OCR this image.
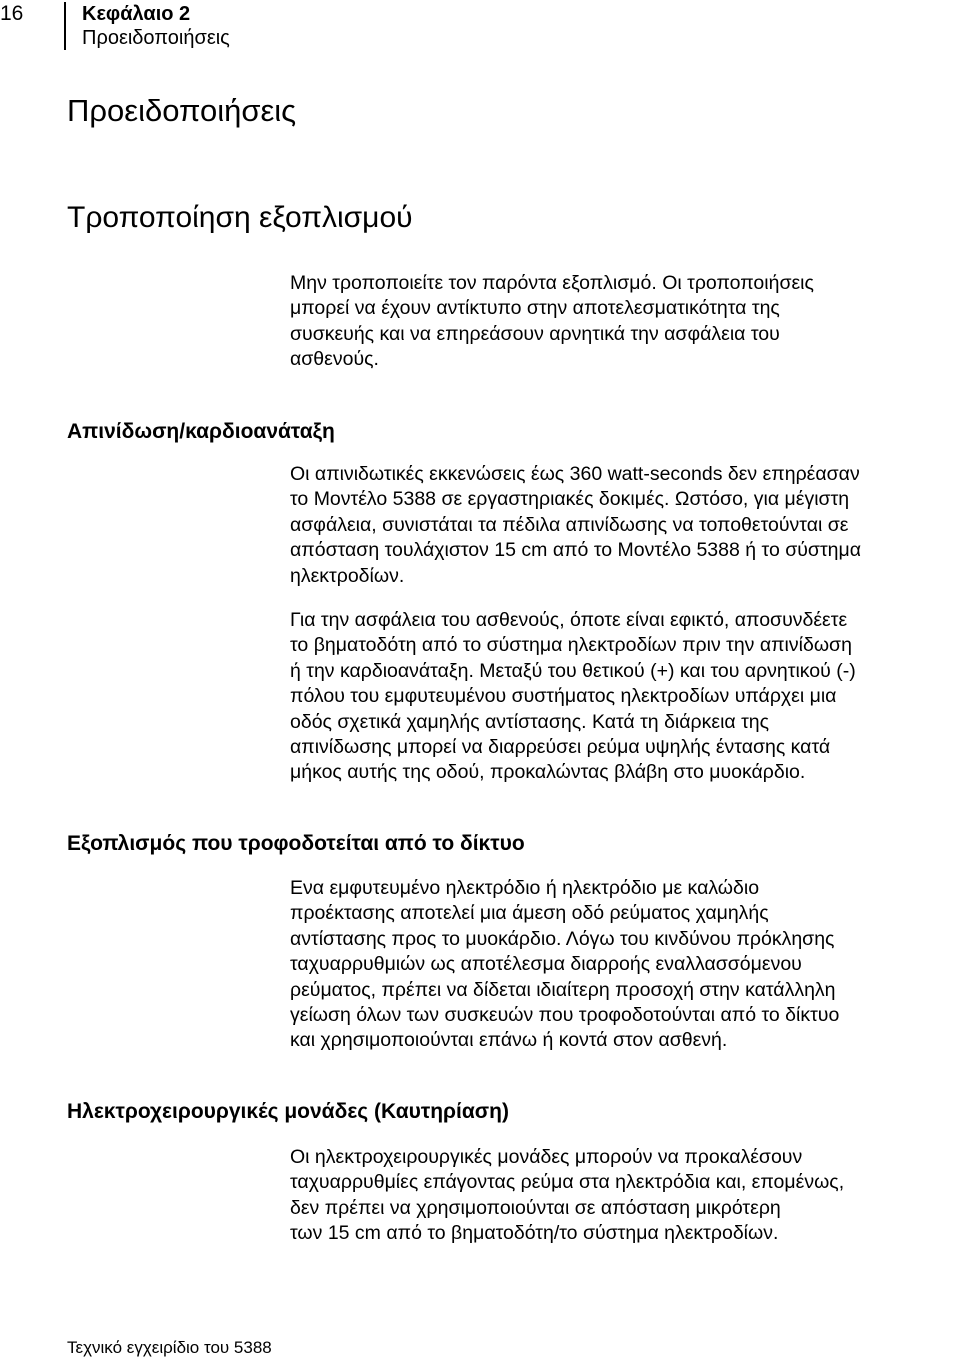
16	Κεφάλαιο 2
Προειδοποιήσεις
Προειδοποιήσεις
Τροποποίηση εξοπλισμού

Μην τροποποιείτε τον παρόντα εξοπλισμό. Οι τροποποιήσεις
μπορεί να έχουν αντίκτυπο στην αποτελεσματικότητα της
συσκευής και να επηρεάσουν αρνητικά την ασφάλεια του
ασθενούς.

Απινίδωση/καρδιοανάταξη

Οι απινιδωτικές εκκενώσεις έως 360 watt-seconds δεν επηρέασαν
το Μοντέλο 5388 σε εργαστηριακές δοκιμές. Ωστόσο, για μέγιστη
ασφάλεια, συνιστάται τα πέδιλα απινίδωσης να τοποθετούνται σε
απόσταση τουλάχιστον 15 cm από το Μοντέλο 5388 ή το σύστημα
ηλεκτροδίων.

Για την ασφάλεια του ασθενούς, όποτε είναι εφικτό, αποσυνδέετε
το βηματοδότη από το σύστημα ηλεκτροδίων πριν την απινίδωση
ή την καρδιοανάταξη. Μεταξύ του θετικού (+) και του αρνητικού (-)
πόλου του εμφυτευμένου συστήματος ηλεκτροδίων υπάρχει μια
οδός σχετικά χαμηλής αντίστασης. Κατά τη διάρκεια της
απινίδωσης μπορεί να διαρρεύσει ρεύμα υψηλής έντασης κατά
μήκος αυτής της οδού, προκαλώντας βλάβη στο μυοκάρδιο.

Εξοπλισμός που τροφοδοτείται από το δίκτυο

Ενα εμφυτευμένο ηλεκτρόδιο ή ηλεκτρόδιο με καλώδιο
προέκτασης αποτελεί μια άμεση οδό ρεύματος χαμηλής
αντίστασης προς το μυοκάρδιο. Λόγω του κινδύνου πρόκλησης
ταχυαρρυθμιών ως αποτέλεσμα διαρροής εναλλασσόμενου
ρεύματος, πρέπει να δίδεται ιδιαίτερη προσοχή στην κατάλληλη
γείωση όλων των συσκευών που τροφοδοτούνται από το δίκτυο
και χρησιμοποιούνται επάνω ή κοντά στον ασθενή.

Ηλεκτροχειρουργικές μονάδες (Καυτηρίαση)

Οι ηλεκτροχειρουργικές μονάδες μπορούν να προκαλέσουν
ταχυαρρυθμίες επάγοντας ρεύμα στα ηλεκτρόδια και, επομένως,
δεν πρέπει να χρησιμοποιούνται σε απόσταση μικρότερη
των 15 cm από το βηματοδότη/το σύστημα ηλεκτροδίων.

Τεχνικό εγχειρίδιο του 5388
